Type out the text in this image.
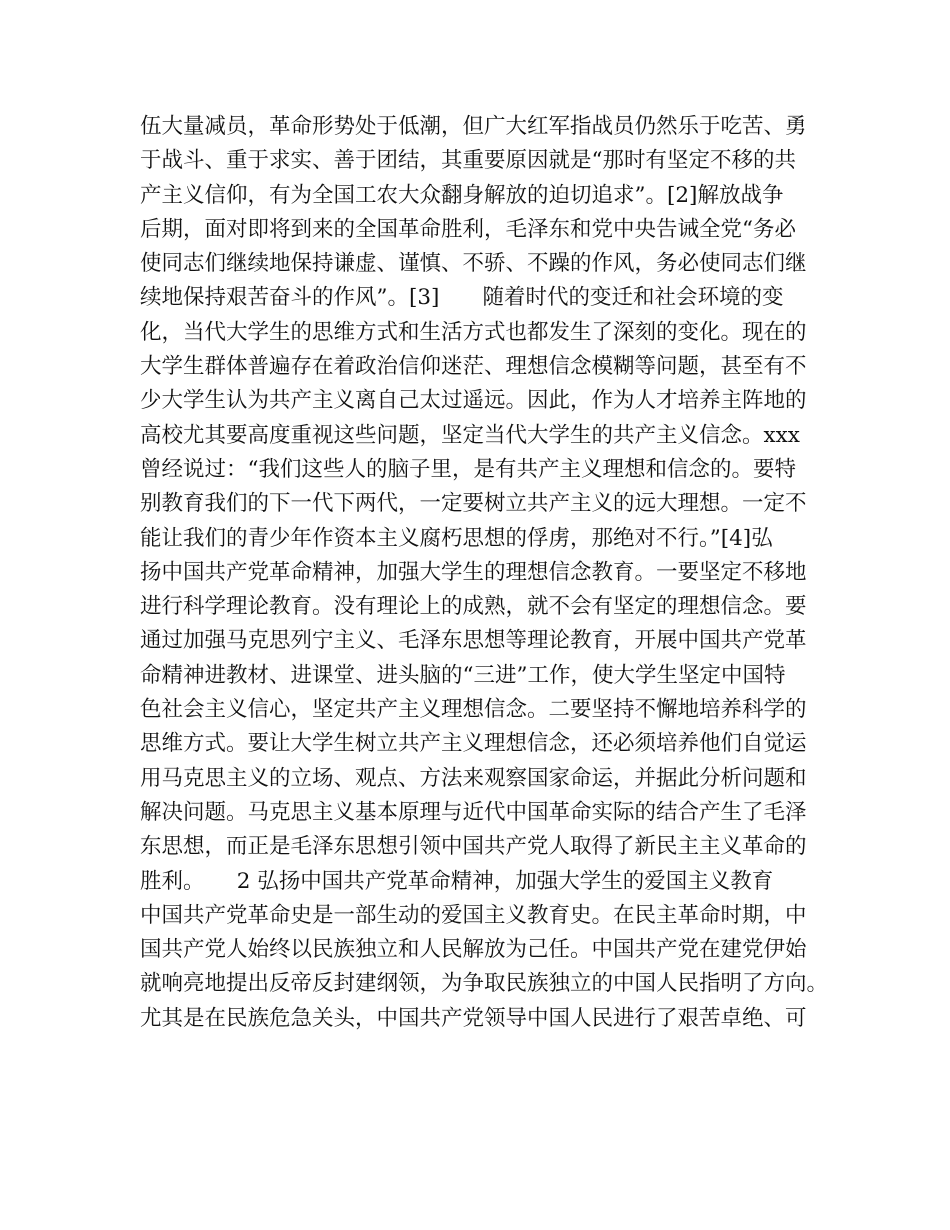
伍大量减员，革命形势处于低潮，但广大红军指战员仍然乐于吃苦、勇
于战斗、重于求实、善于团结，其重要原因就是“那时有坚定不移的共
产主义信仰，有为全国工农大众翻身解放的迫切追求”。[2]解放战争
后期，面对即将到来的全国革命胜利，毛泽东和党中央告诫全党“务必
使同志们继续地保持谦虚、谨慎、不骄、不躁的作风，务必使同志们继
续地保持艰苦奋斗的作风”。[3]　　随着时代的变迁和社会环境的变
化，当代大学生的思维方式和生活方式也都发生了深刻的变化。现在的
大学生群体普遍存在着政治信仰迷茫、理想信念模糊等问题，甚至有不
少大学生认为共产主义离自己太过遥远。因此，作为人才培养主阵地的
高校尤其要高度重视这些问题，坚定当代大学生的共产主义信念。xxx
曾经说过：“我们这些人的脑子里，是有共产主义理想和信念的。要特
别教育我们的下一代下两代，一定要树立共产主义的远大理想。一定不
能让我们的青少年作资本主义腐朽思想的俘虏，那绝对不行。”[4]弘
扬中国共产党革命精神，加强大学生的理想信念教育。一要坚定不移地
进行科学理论教育。没有理论上的成熟，就不会有坚定的理想信念。要
通过加强马克思列宁主义、毛泽东思想等理论教育，开展中国共产党革
命精神进教材、进课堂、进头脑的“三进”工作，使大学生坚定中国特
色社会主义信心，坚定共产主义理想信念。二要坚持不懈地培养科学的
思维方式。要让大学生树立共产主义理想信念，还必须培养他们自觉运
用马克思主义的立场、观点、方法来观察国家命运，并据此分析问题和
解决问题。马克思主义基本原理与近代中国革命实际的结合产生了毛泽
东思想，而正是毛泽东思想引领中国共产党人取得了新民主主义革命的
胜利。　　2 弘扬中国共产党革命精神，加强大学生的爱国主义教育
中国共产党革命史是一部生动的爱国主义教育史。在民主革命时期，中
国共产党人始终以民族独立和人民解放为己任。中国共产党在建党伊始
就响亮地提出反帝反封建纲领，为争取民族独立的中国人民指明了方向。
尤其是在民族危急关头，中国共产党领导中国人民进行了艰苦卓绝、可
